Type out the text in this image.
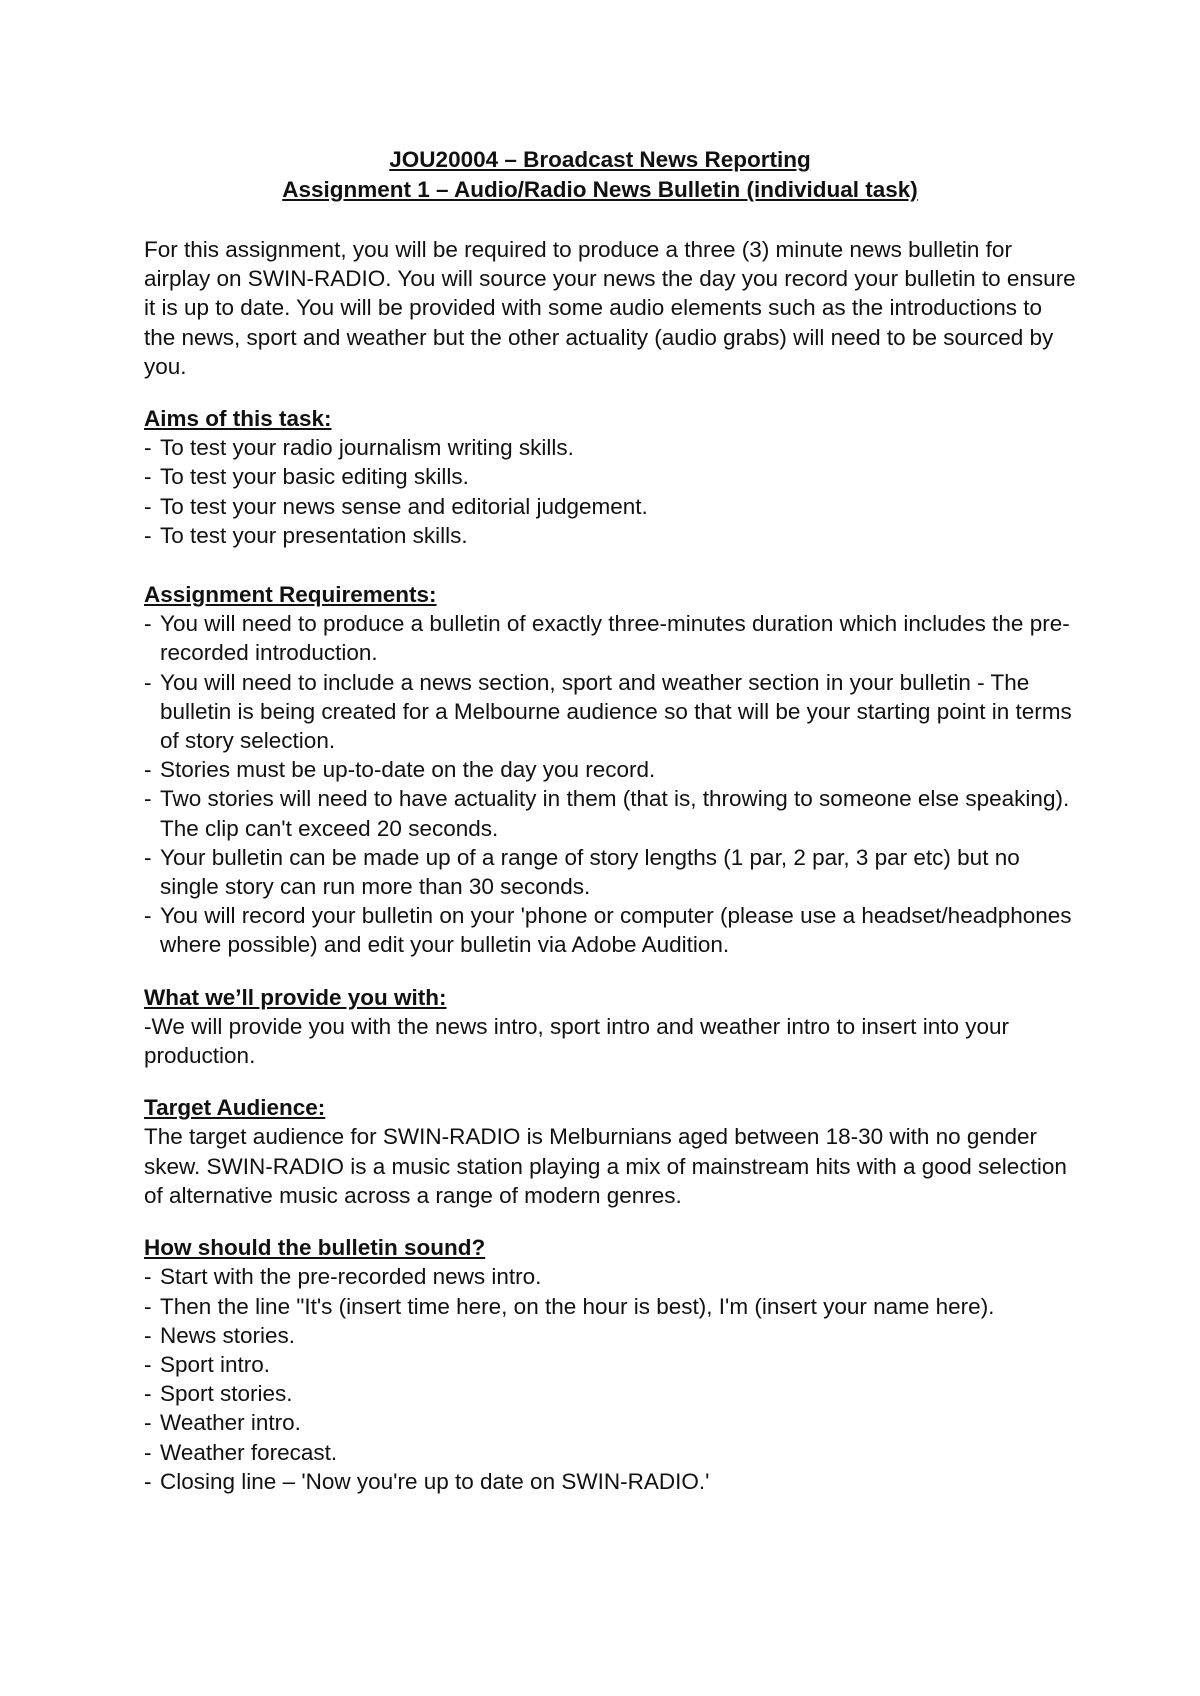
JOU20004 – Broadcast News Reporting
Assignment 1 – Audio/Radio News Bulletin (individual task)

For this assignment, you will be required to produce a three (3) minute news bulletin for airplay on SWIN-RADIO. You will source your news the day you record your bulletin to ensure it is up to date. You will be provided with some audio elements such as the introductions to the news, sport and weather but the other actuality (audio grabs) will need to be sourced by you.

Aims of this task:
- To test your radio journalism writing skills.
- To test your basic editing skills.
- To test your news sense and editorial judgement.
- To test your presentation skills.
Assignment Requirements:
- You will need to produce a bulletin of exactly three-minutes duration which includes the pre-recorded introduction.
- You will need to include a news section, sport and weather section in your bulletin - The bulletin is being created for a Melbourne audience so that will be your starting point in terms of story selection.
- Stories must be up-to-date on the day you record.
- Two stories will need to have actuality in them (that is, throwing to someone else speaking). The clip can't exceed 20 seconds.
- Your bulletin can be made up of a range of story lengths (1 par, 2 par, 3 par etc) but no single story can run more than 30 seconds.
- You will record your bulletin on your 'phone or computer (please use a headset/headphones where possible) and edit your bulletin via Adobe Audition.
What we’ll provide you with:

-We will provide you with the news intro, sport intro and weather intro to insert into your production.

Target Audience:

The target audience for SWIN-RADIO is Melburnians aged between 18-30 with no gender skew. SWIN-RADIO is a music station playing a mix of mainstream hits with a good selection of alternative music across a range of modern genres.

How should the bulletin sound?
- Start with the pre-recorded news intro.
- Then the line "It's (insert time here, on the hour is best), I'm (insert your name here).
- News stories.
- Sport intro.
- Sport stories.
- Weather intro.
- Weather forecast.
- Closing line – 'Now you're up to date on SWIN-RADIO.'
